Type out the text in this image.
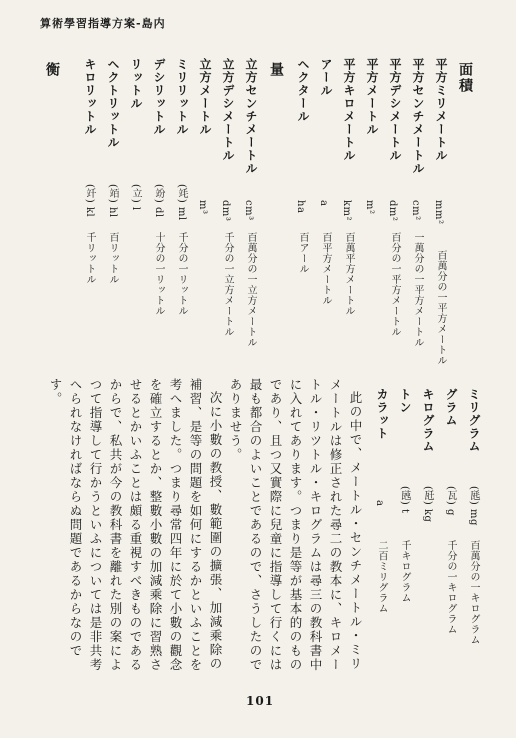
算術學習指導方案-島内
面積
平方ミリメートル
mm²
百萬分の一平方メートル
平方センチメートル
cm²
一萬分の一平方メートル
平方デシメートル
dm²
百分の一平方メートル
平方メートル
m²
平方キロメートル
km²
百萬平方メートル
アール
a
百平方メートル
ヘクタール
ha
百アール
量
立方センチメートル
cm³
百萬分の一立方メートル
立方デシメートル
dm³
千分の一立方メートル
立方メートル
m³
ミリリットル
(竓) ml
千分の一リットル
デシリットル
(竕) dl
十分の一リットル
リットル
(立) l
ヘクトリットル
(竡) hl
百リットル
キロリットル
(竏) kl
千リットル
衡
ミリグラム
(瓱) mg
百萬分の一キログラム
グラム
(瓦) g
千分の一キログラム
キログラム
(瓩) kg
トン
(瓲) t
千キログラム
カラット
a
二百ミリグラム

此の中で、メートル・センチメートル・ミリメートルは修正された尋二の教本に、キロメートル・リツトル・キログラムは尋三の教科書中に入れてあります。つまり是等が基本的のものであり、且つ又實際に兒童に指導して行くには最も都合のよいことであるので、さうしたのでありませう。

次に小數の教授、數範圍の擴張、加減乘除の補習、是等の問題を如何にするかといふことを考へました。つまり尋常四年に於て小數の觀念を確立するとか、整數小數の加減乘除に習熟させるとかいふことは頗る重視すべきものであるからで、私共が今の教科書を離れた別の案によつて指導して行かうといふについては是非共考へられなければならぬ問題であるからなのです。

101
